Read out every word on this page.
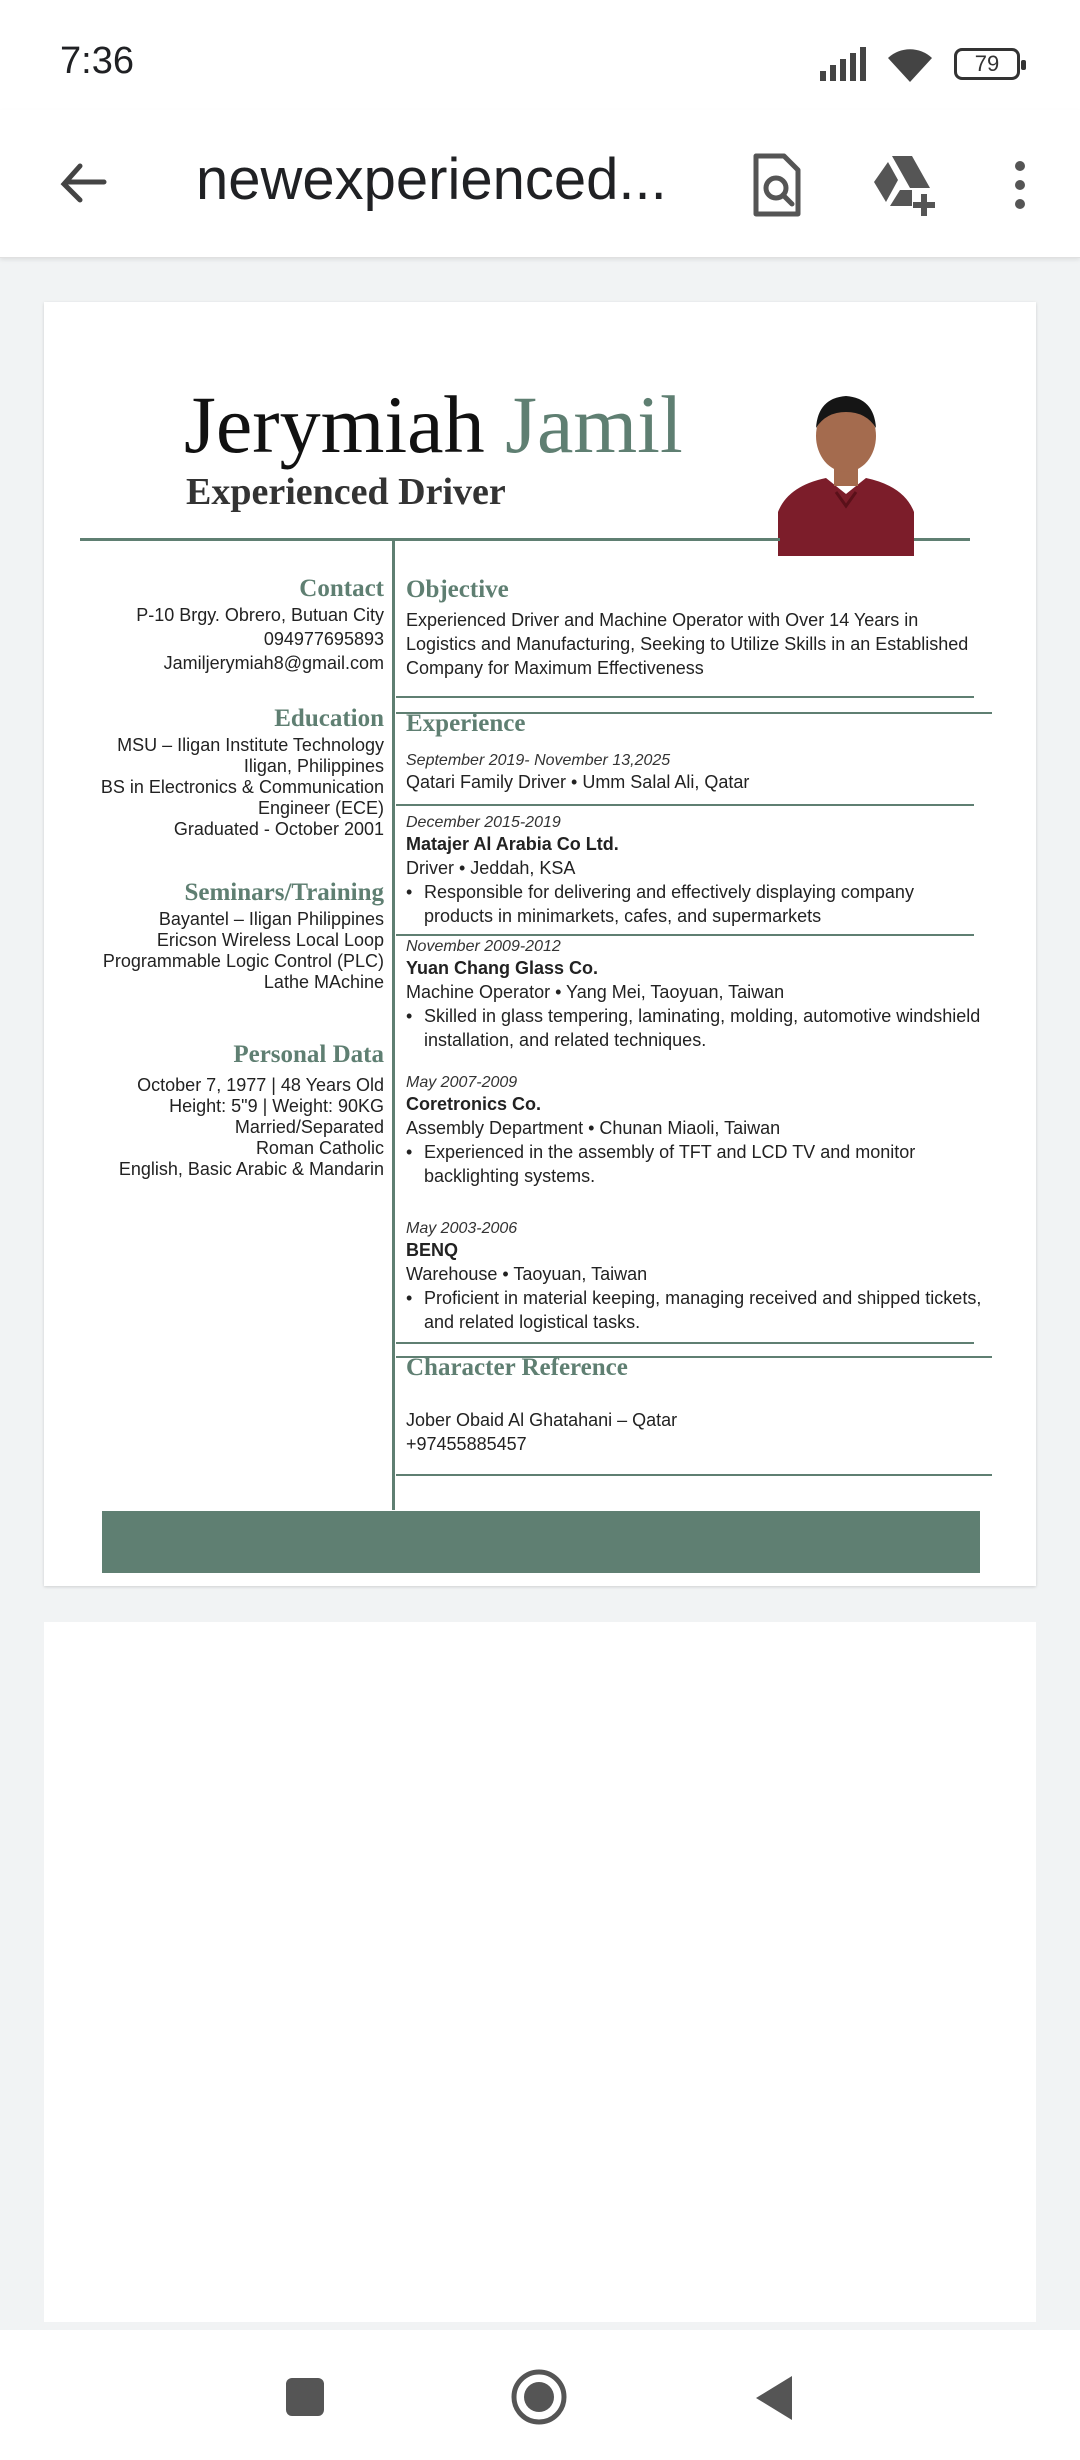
7:36	79
newexperienced...
Jerymiah Jamil
Experienced Driver
Contact
P-10 Brgy. Obrero, Butuan City
094977695893
Jamiljerymiah8@gmail.com
Education
MSU – Iligan Institute Technology
Iligan, Philippines
BS in Electronics & Communication
Engineer (ECE)
Graduated - October 2001
Seminars/Training
Bayantel – Iligan Philippines
Ericson Wireless Local Loop
Programmable Logic Control (PLC)
Lathe MAchine
Personal Data
October 7, 1977 | 48 Years Old
Height: 5"9 | Weight: 90KG
Married/Separated
Roman Catholic
English, Basic Arabic & Mandarin
Objective
Experienced Driver and Machine Operator with Over 14 Years in Logistics and Manufacturing, Seeking to Utilize Skills in an Established Company for Maximum Effectiveness
Experience
September 2019- November 13,2025
Qatari Family Driver • Umm Salal Ali, Qatar
December 2015-2019
Matajer Al Arabia Co Ltd.
Driver • Jeddah, KSA
• Responsible for delivering and effectively displaying company products in minimarkets, cafes, and supermarkets
November 2009-2012
Yuan Chang Glass Co.
Machine Operator • Yang Mei, Taoyuan, Taiwan
• Skilled in glass tempering, laminating, molding, automotive windshield installation, and related techniques.
May 2007-2009
Coretronics Co.
Assembly Department • Chunan Miaoli, Taiwan
• Experienced in the assembly of TFT and LCD TV and monitor backlighting systems.
May 2003-2006
BENQ
Warehouse • Taoyuan, Taiwan
• Proficient in material keeping, managing received and shipped tickets, and related logistical tasks.
Character Reference
Jober Obaid Al Ghatahani – Qatar
+97455885457
